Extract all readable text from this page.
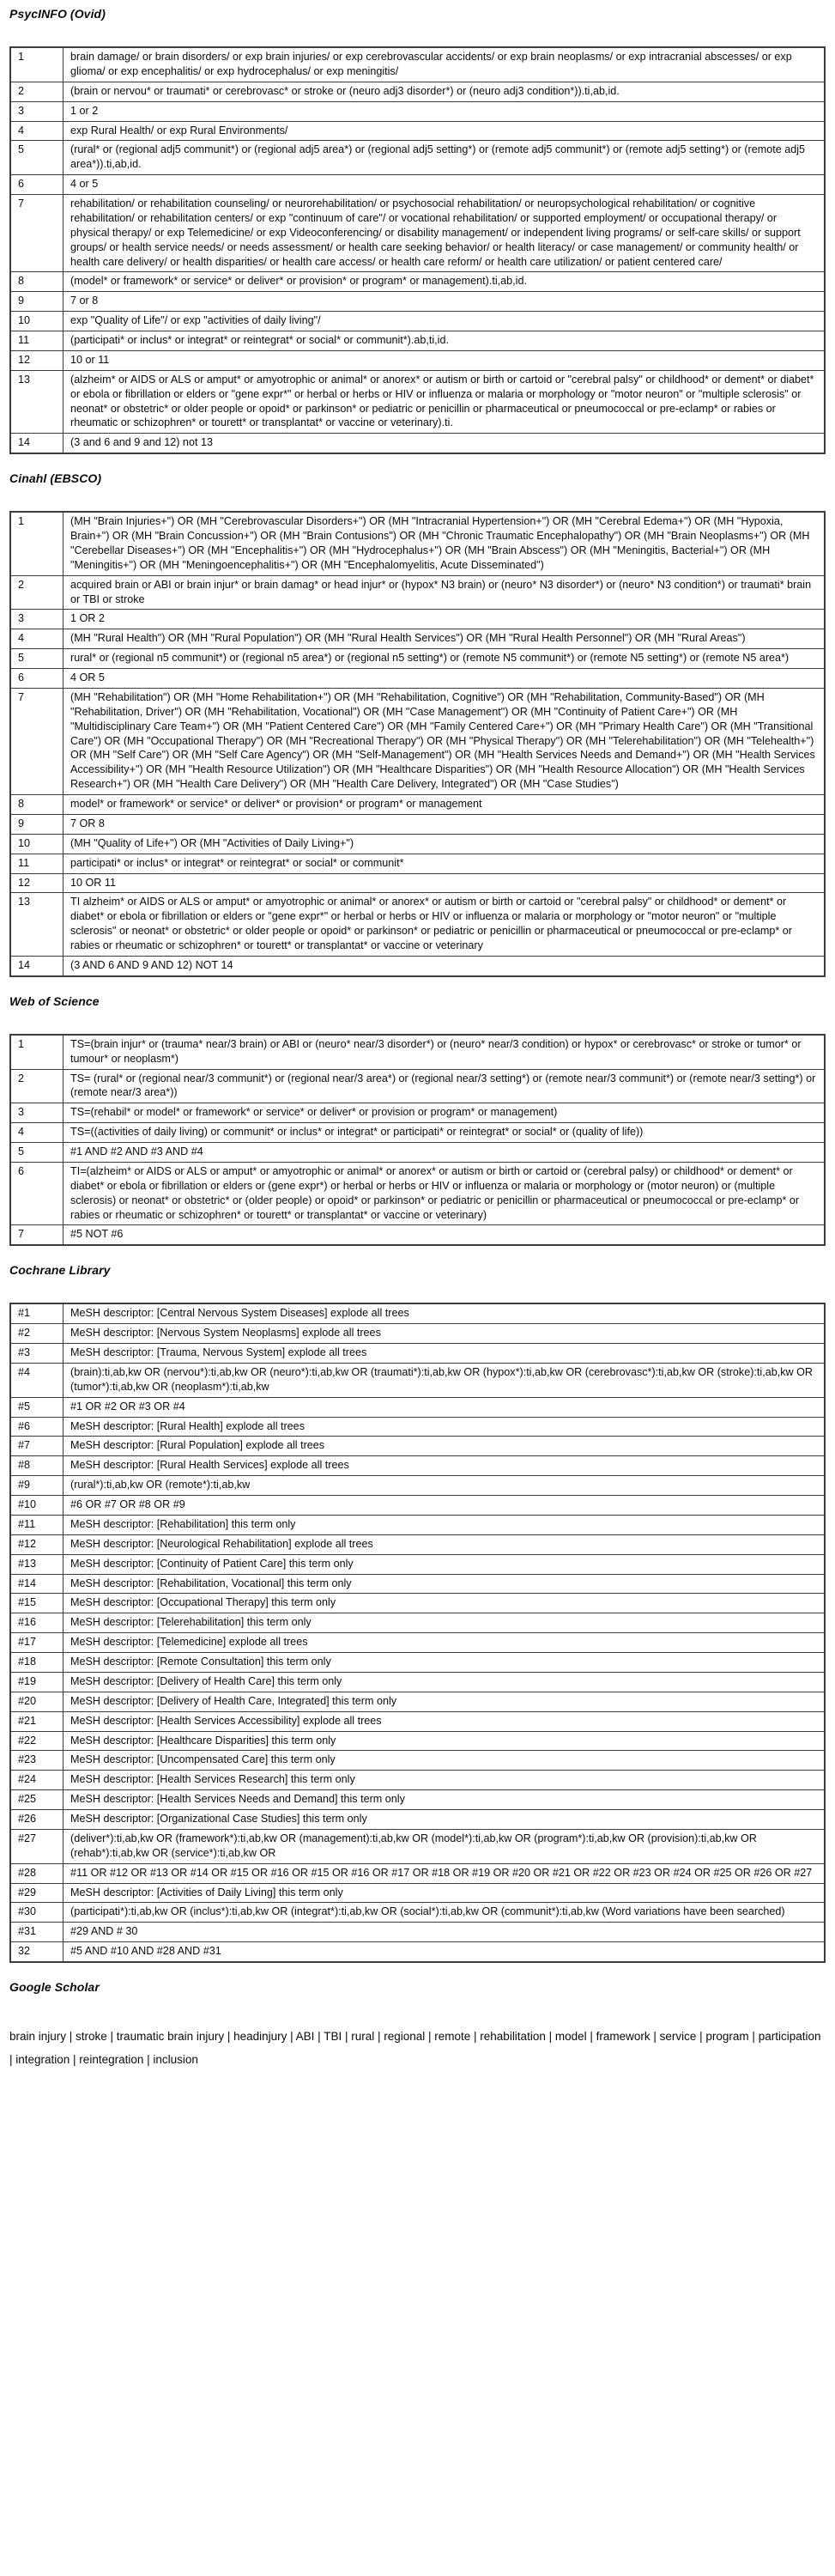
PsycINFO (Ovid)
1	brain damage/ or brain disorders/ or exp brain injuries/ or exp cerebrovascular accidents/ or exp brain neoplasms/ or exp intracranial abscesses/ or exp glioma/ or exp encephalitis/ or exp hydrocephalus/ or exp meningitis/
2	(brain or nervou* or traumati* or cerebrovasc* or stroke or (neuro adj3 disorder*) or (neuro adj3 condition*)).ti,ab,id.
3	1 or 2
4	exp Rural Health/ or exp Rural Environments/
5	(rural* or (regional adj5 communit*) or (regional adj5 area*) or (regional adj5 setting*) or (remote adj5 communit*) or (remote adj5 setting*) or (remote adj5 area*)).ti,ab,id.
6	4 or 5
7	rehabilitation/ or rehabilitation counseling/ or neurorehabilitation/ or psychosocial rehabilitation/ or neuropsychological rehabilitation/ or cognitive rehabilitation/ or rehabilitation centers/ or exp "continuum of care"/ or vocational rehabilitation/ or supported employment/ or occupational therapy/ or physical therapy/ or exp Telemedicine/ or exp Videoconferencing/ or disability management/ or independent living programs/ or self-care skills/ or support groups/ or health service needs/ or needs assessment/ or health care seeking behavior/ or health literacy/ or case management/ or community health/ or health care delivery/ or health disparities/ or health care access/ or health care reform/ or health care utilization/ or patient centered care/
8	(model* or framework* or service* or deliver* or provision* or program* or management).ti,ab,id.
9	7 or 8
10	exp "Quality of Life"/ or exp "activities of daily living"/
11	(participati* or inclus* or integrat* or reintegrat* or social* or communit*).ab,ti,id.
12	10 or 11
13	(alzheim* or AIDS or ALS or amput* or amyotrophic or animal* or anorex* or autism or birth or cartoid or "cerebral palsy" or childhood* or dement* or diabet* or ebola or fibrillation or elders or "gene expr*" or herbal or herbs or HIV or influenza or malaria or morphology or "motor neuron" or "multiple sclerosis" or neonat* or obstetric* or older people or opoid* or parkinson* or pediatric or penicillin or pharmaceutical or pneumococcal or pre-eclamp* or rabies or rheumatic or schizophren* or tourett* or transplantat* or vaccine or veterinary).ti.
14	(3 and 6 and 9 and 12) not 13
Cinahl (EBSCO)
1	(MH "Brain Injuries+") OR (MH "Cerebrovascular Disorders+") OR (MH "Intracranial Hypertension+") OR (MH "Cerebral Edema+") OR (MH "Hypoxia, Brain+") OR (MH "Brain Concussion+") OR (MH "Brain Contusions") OR (MH "Chronic Traumatic Encephalopathy") OR (MH "Brain Neoplasms+") OR (MH "Cerebellar Diseases+") OR (MH "Encephalitis+") OR (MH "Hydrocephalus+") OR (MH "Brain Abscess") OR (MH "Meningitis, Bacterial+") OR (MH "Meningitis+") OR (MH "Meningoencephalitis+") OR (MH "Encephalomyelitis, Acute Disseminated")
2	acquired brain or ABI or brain injur* or brain damag* or head injur* or (hypox* N3 brain) or (neuro* N3 disorder*) or (neuro* N3 condition*) or traumati* brain or TBI or stroke
3	1 OR 2
4	(MH "Rural Health") OR (MH "Rural Population") OR (MH "Rural Health Services") OR (MH "Rural Health Personnel") OR (MH "Rural Areas")
5	rural* or (regional n5 communit*) or (regional n5 area*) or (regional n5 setting*) or (remote N5 communit*) or (remote N5 setting*) or (remote N5 area*)
6	4 OR 5
7	(MH "Rehabilitation") OR (MH "Home Rehabilitation+") OR (MH "Rehabilitation, Cognitive") OR (MH "Rehabilitation, Community-Based") OR (MH "Rehabilitation, Driver") OR (MH "Rehabilitation, Vocational") OR (MH "Case Management") OR (MH "Continuity of Patient Care+") OR (MH "Multidisciplinary Care Team+") OR (MH "Patient Centered Care") OR (MH "Family Centered Care+") OR (MH "Primary Health Care") OR (MH "Transitional Care") OR (MH "Occupational Therapy") OR (MH "Recreational Therapy") OR (MH "Physical Therapy") OR (MH "Telerehabilitation") OR (MH "Telehealth+") OR (MH "Self Care") OR (MH "Self Care Agency") OR (MH "Self-Management") OR (MH "Health Services Needs and Demand+") OR (MH "Health Services Accessibility+") OR (MH "Health Resource Utilization") OR (MH "Healthcare Disparities") OR (MH "Health Resource Allocation") OR (MH "Health Services Research+") OR (MH "Health Care Delivery") OR (MH "Health Care Delivery, Integrated") OR (MH "Case Studies")
8	model* or framework* or service* or deliver* or provision* or program* or management
9	7 OR 8
10	(MH "Quality of Life+") OR (MH "Activities of Daily Living+")
11	participati* or inclus* or integrat* or reintegrat* or social* or communit*
12	10 OR 11
13	TI alzheim* or AIDS or ALS or amput* or amyotrophic or animal* or anorex* or autism or birth or cartoid or "cerebral palsy" or childhood* or dement* or diabet* or ebola or fibrillation or elders or "gene expr*" or herbal or herbs or HIV or influenza or malaria or morphology or "motor neuron" or "multiple sclerosis" or neonat* or obstetric* or older people or opoid* or parkinson* or pediatric or penicillin or pharmaceutical or pneumococcal or pre-eclamp* or rabies or rheumatic or schizophren* or tourett* or transplantat* or vaccine or veterinary
14	(3 AND 6 AND 9 AND 12) NOT 14
Web of Science
1	TS=(brain injur* or (trauma* near/3 brain) or ABI or (neuro* near/3 disorder*) or (neuro* near/3 condition) or hypox* or cerebrovasc* or stroke or tumor* or tumour* or neoplasm*)
2	TS= (rural* or (regional near/3 communit*) or (regional near/3 area*) or (regional near/3 setting*) or (remote near/3 communit*) or (remote near/3 setting*) or (remote near/3 area*))
3	TS=(rehabil* or model* or framework* or service* or deliver* or provision or program* or management)
4	TS=((activities of daily living) or communit* or inclus* or integrat* or participati* or reintegrat* or social* or (quality of life))
5	#1 AND #2 AND #3 AND #4
6	TI=(alzheim* or AIDS or ALS or amput* or amyotrophic or animal* or anorex* or autism or birth or cartoid or (cerebral palsy) or childhood* or dement* or diabet* or ebola or fibrillation or elders or (gene expr*) or herbal or herbs or HIV or influenza or malaria or morphology or (motor neuron) or (multiple sclerosis) or neonat* or obstetric* or (older people) or opoid* or parkinson* or pediatric or penicillin or pharmaceutical or pneumococcal or pre-eclamp* or rabies or rheumatic or schizophren* or tourett* or transplantat* or vaccine or veterinary)
7	#5 NOT #6
Cochrane Library
#1	MeSH descriptor: [Central Nervous System Diseases] explode all trees
#2	MeSH descriptor: [Nervous System Neoplasms] explode all trees
#3	MeSH descriptor: [Trauma, Nervous System] explode all trees
#4	(brain):ti,ab,kw OR (nervou*):ti,ab,kw OR (neuro*):ti,ab,kw OR (traumati*):ti,ab,kw OR (hypox*):ti,ab,kw OR (cerebrovasc*):ti,ab,kw OR (stroke):ti,ab,kw OR (tumor*):ti,ab,kw OR (neoplasm*):ti,ab,kw
#5	#1 OR #2 OR #3 OR #4
#6	MeSH descriptor: [Rural Health] explode all trees
#7	MeSH descriptor: [Rural Population] explode all trees
#8	MeSH descriptor: [Rural Health Services] explode all trees
#9	(rural*):ti,ab,kw OR (remote*):ti,ab,kw
#10	#6 OR #7 OR #8 OR #9
#11	MeSH descriptor: [Rehabilitation] this term only
#12	MeSH descriptor: [Neurological Rehabilitation] explode all trees
#13	MeSH descriptor: [Continuity of Patient Care] this term only
#14	MeSH descriptor: [Rehabilitation, Vocational] this term only
#15	MeSH descriptor: [Occupational Therapy] this term only
#16	MeSH descriptor: [Telerehabilitation] this term only
#17	MeSH descriptor: [Telemedicine] explode all trees
#18	MeSH descriptor: [Remote Consultation] this term only
#19	MeSH descriptor: [Delivery of Health Care] this term only
#20	MeSH descriptor: [Delivery of Health Care, Integrated] this term only
#21	MeSH descriptor: [Health Services Accessibility] explode all trees
#22	MeSH descriptor: [Healthcare Disparities] this term only
#23	MeSH descriptor: [Uncompensated Care] this term only
#24	MeSH descriptor: [Health Services Research] this term only
#25	MeSH descriptor: [Health Services Needs and Demand] this term only
#26	MeSH descriptor: [Organizational Case Studies] this term only
#27	(deliver*):ti,ab,kw OR (framework*):ti,ab,kw OR (management):ti,ab,kw OR (model*):ti,ab,kw OR (program*):ti,ab,kw OR (provision):ti,ab,kw OR (rehab*):ti,ab,kw OR (service*):ti,ab,kw OR
#28	#11 OR #12 OR #13 OR #14 OR #15 OR #16 OR #15 OR #16 OR #17 OR #18 OR #19 OR #20 OR #21 OR #22 OR #23 OR #24 OR #25 OR #26 OR #27
#29	MeSH descriptor: [Activities of Daily Living] this term only
#30	(participati*):ti,ab,kw OR (inclus*):ti,ab,kw OR (integrat*):ti,ab,kw OR (social*):ti,ab,kw OR (communit*):ti,ab,kw (Word variations have been searched)
#31	#29 AND # 30
32	#5 AND #10 AND #28 AND #31
Google Scholar

brain injury | stroke | traumatic brain injury | headinjury | ABI | TBI | rural | regional | remote | rehabilitation | model | framework | service | program | participation | integration | reintegration | inclusion
